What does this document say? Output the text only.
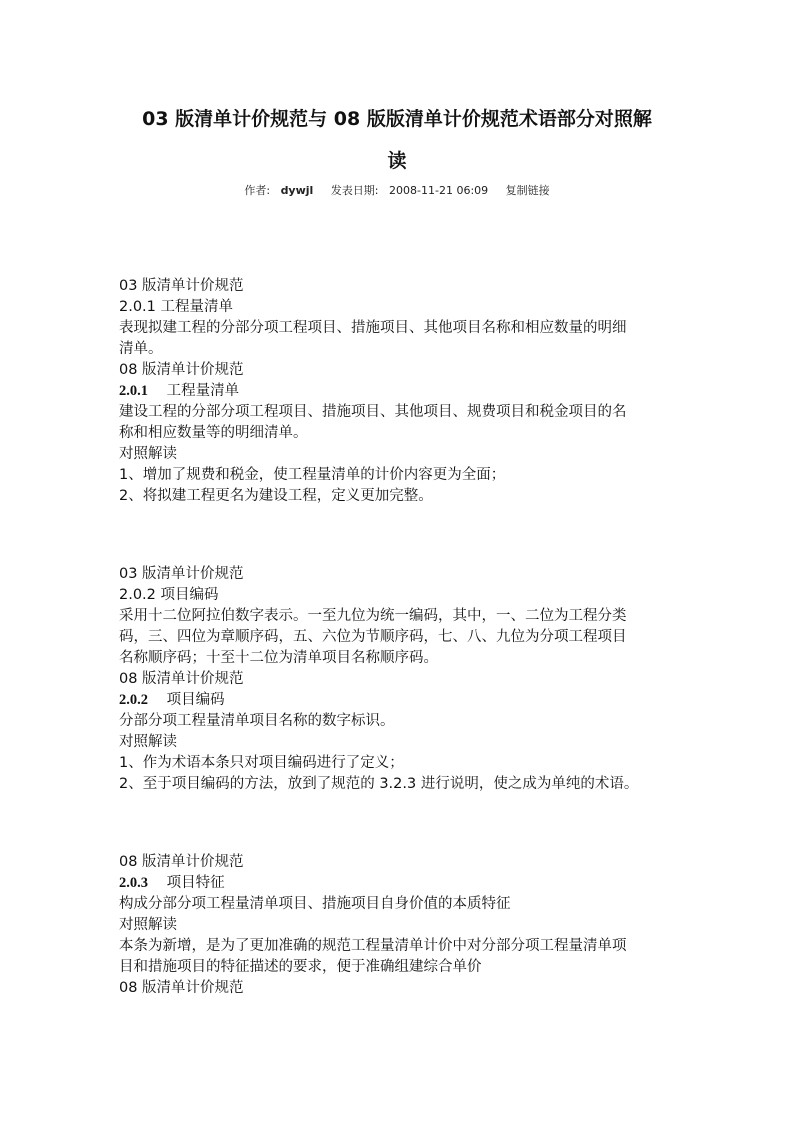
03 版清单计价规范与 08 版版清单计价规范术语部分对照解
读
作者: dywjl 发表日期: 2008-11-21 06:09 复制链接
03 版清单计价规范
2.0.1 工程量清单
表现拟建工程的分部分项工程项目、措施项目、其他项目名称和相应数量的明细
清单。
08 版清单计价规范
2.0.1 工程量清单
建设工程的分部分项工程项目、措施项目、其他项目、规费项目和税金项目的名
称和相应数量等的明细清单。
对照解读
1、增加了规费和税金，使工程量清单的计价内容更为全面；
2、将拟建工程更名为建设工程，定义更加完整。
03 版清单计价规范
2.0.2 项目编码
采用十二位阿拉伯数字表示。一至九位为统一编码，其中，一、二位为工程分类
码，三、四位为章顺序码，五、六位为节顺序码，七、八、九位为分项工程项目
名称顺序码；十至十二位为清单项目名称顺序码。
08 版清单计价规范
2.0.2 项目编码
分部分项工程量清单项目名称的数字标识。
对照解读
1、作为术语本条只对项目编码进行了定义；
2、至于项目编码的方法，放到了规范的 3.2.3 进行说明，使之成为单纯的术语。
08 版清单计价规范
2.0.3 项目特征
构成分部分项工程量清单项目、措施项目自身价值的本质特征
对照解读
本条为新增，是为了更加准确的规范工程量清单计价中对分部分项工程量清单项
目和措施项目的特征描述的要求，便于准确组建综合单价
08 版清单计价规范
